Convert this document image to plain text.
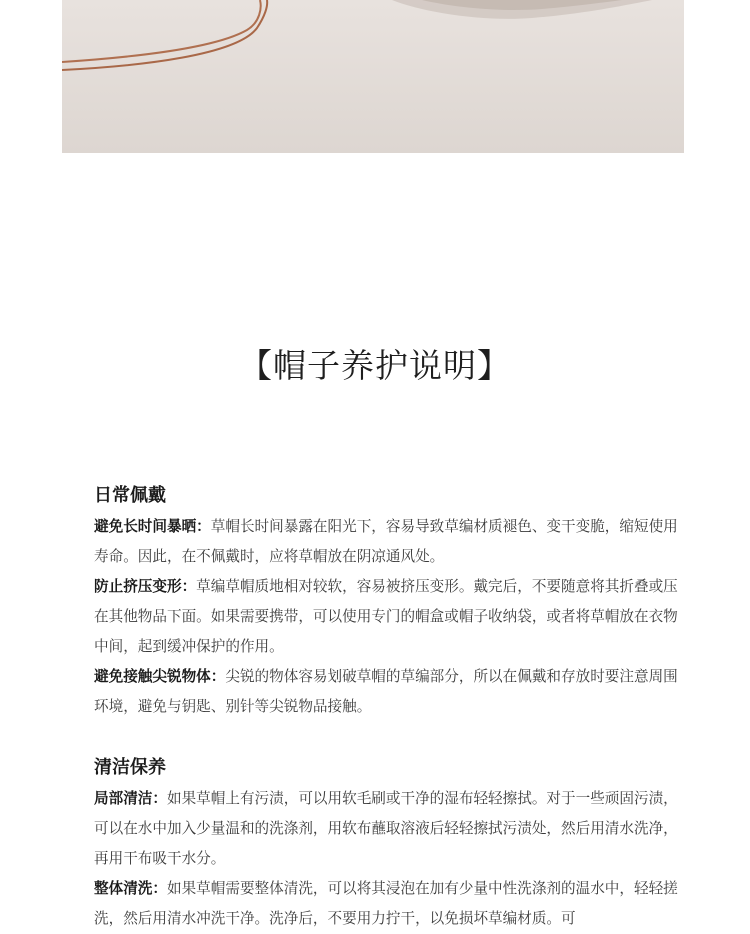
【帽子养护说明】
日常佩戴

避免长时间暴晒：草帽长时间暴露在阳光下，容易导致草编材质褪色、变干变脆，缩短使用寿命。因此，在不佩戴时，应将草帽放在阴凉通风处。

防止挤压变形：草编草帽质地相对较软，容易被挤压变形。戴完后，不要随意将其折叠或压在其他物品下面。如果需要携带，可以使用专门的帽盒或帽子收纳袋，或者将草帽放在衣物中间，起到缓冲保护的作用。

避免接触尖锐物体：尖锐的物体容易划破草帽的草编部分，所以在佩戴和存放时要注意周围环境，避免与钥匙、别针等尖锐物品接触。

清洁保养

局部清洁：如果草帽上有污渍，可以用软毛刷或干净的湿布轻轻擦拭。对于一些顽固污渍，可以在水中加入少量温和的洗涤剂，用软布蘸取溶液后轻轻擦拭污渍处，然后用清水洗净，再用干布吸干水分。

整体清洗：如果草帽需要整体清洗，可以将其浸泡在加有少量中性洗涤剂的温水中，轻轻搓洗，然后用清水冲洗干净。洗净后，不要用力拧干，以免损坏草编材质。可
